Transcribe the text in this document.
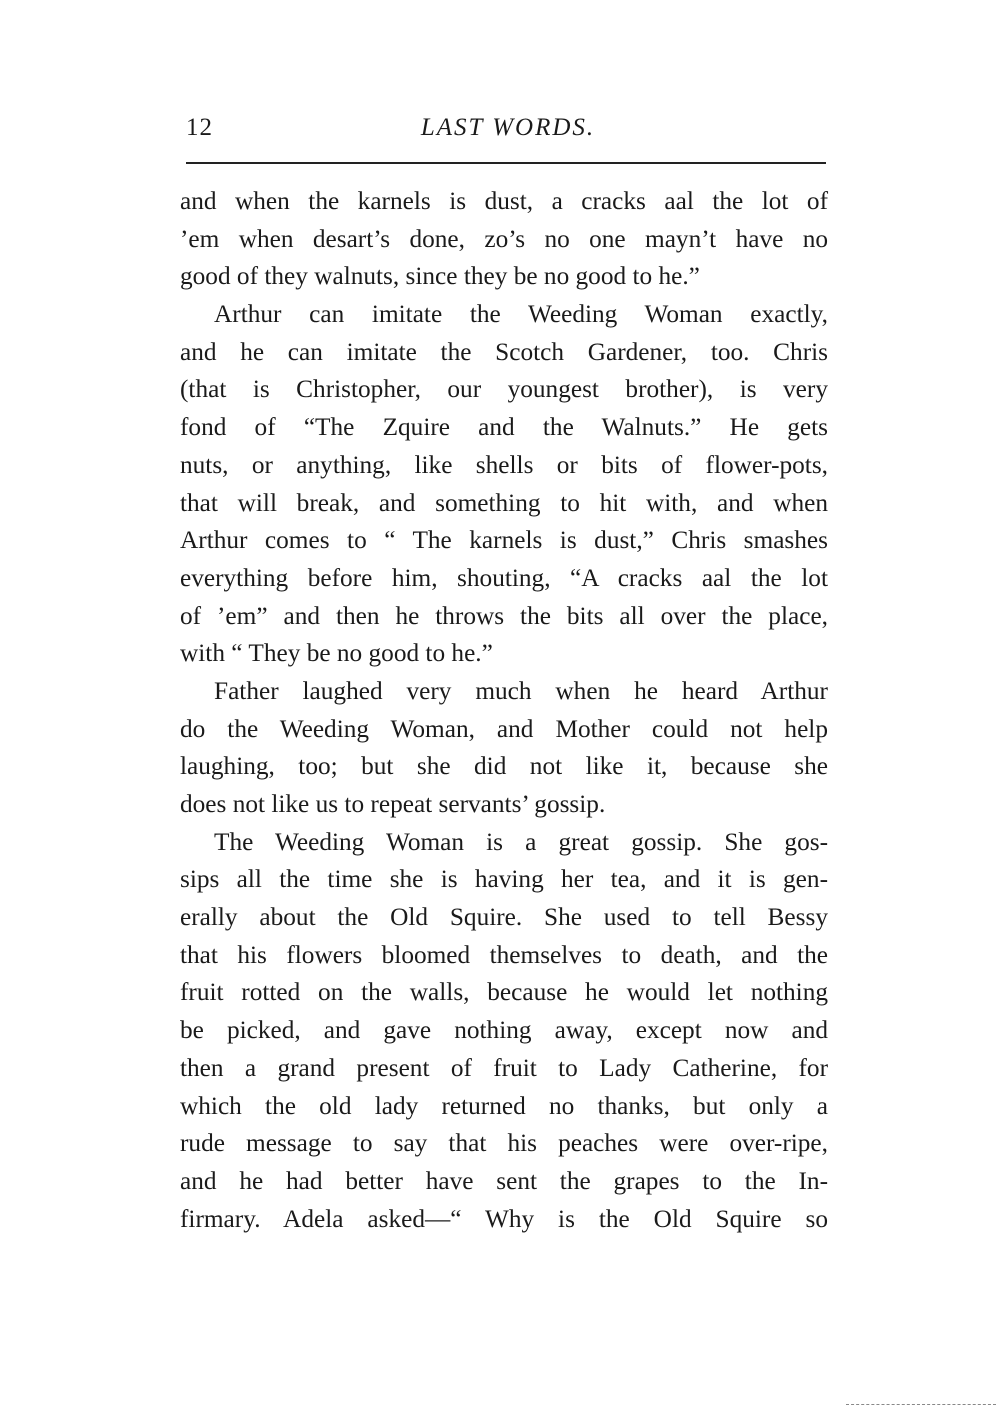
12	LAST WORDS.
and when the karnels is dust, a cracks aal the lot of
’em when desart’s done, zo’s no one mayn’t have no
good of they walnuts, since they be no good to he.”
Arthur can imitate the Weeding Woman exactly,
and he can imitate the Scotch Gardener, too. Chris
(that is Christopher, our youngest brother), is very
fond of “The Zquire and the Walnuts.” He gets
nuts, or anything, like shells or bits of flower-pots,
that will break, and something to hit with, and when
Arthur comes to “ The karnels is dust,” Chris smashes
everything before him, shouting, “A cracks aal the lot
of ’em” and then he throws the bits all over the place,
with “ They be no good to he.”
Father laughed very much when he heard Arthur
do the Weeding Woman, and Mother could not help
laughing, too; but she did not like it, because she
does not like us to repeat servants’ gossip.
The Weeding Woman is a great gossip. She gos-
sips all the time she is having her tea, and it is gen-
erally about the Old Squire. She used to tell Bessy
that his flowers bloomed themselves to death, and the
fruit rotted on the walls, because he would let nothing
be picked, and gave nothing away, except now and
then a grand present of fruit to Lady Catherine, for
which the old lady returned no thanks, but only a
rude message to say that his peaches were over-ripe,
and he had better have sent the grapes to the In-
firmary. Adela asked—“ Why is the Old Squire so
